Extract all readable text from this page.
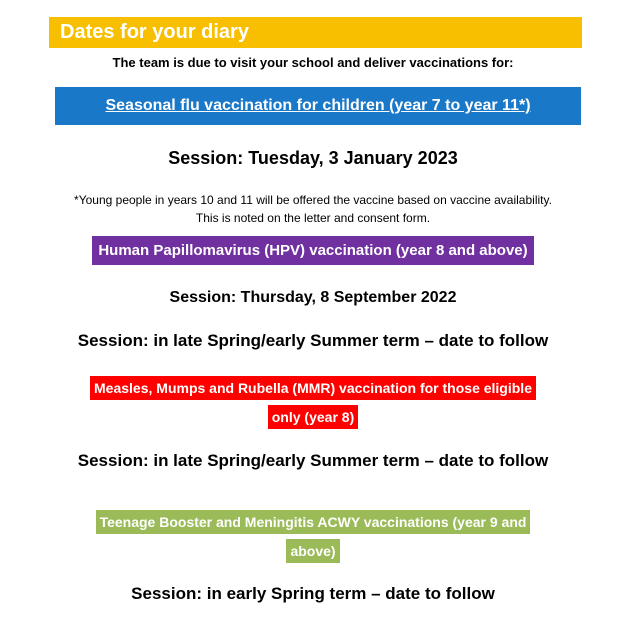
Dates for your diary
The team is due to visit your school and deliver vaccinations for:
Seasonal flu vaccination for children (year 7 to year 11*)
Session: Tuesday, 3 January 2023
*Young people in years 10 and 11 will be offered the vaccine based on vaccine availability.
This is noted on the letter and consent form.
Human Papillomavirus (HPV) vaccination (year 8 and above)
Session: Thursday, 8 September 2022
Session: in late Spring/early Summer term – date to follow
Measles, Mumps and Rubella (MMR) vaccination for those eligible
only (year 8)
Session: in late Spring/early Summer term – date to follow
Teenage Booster and Meningitis ACWY vaccinations (year 9 and
above)
Session: in early Spring term – date to follow
